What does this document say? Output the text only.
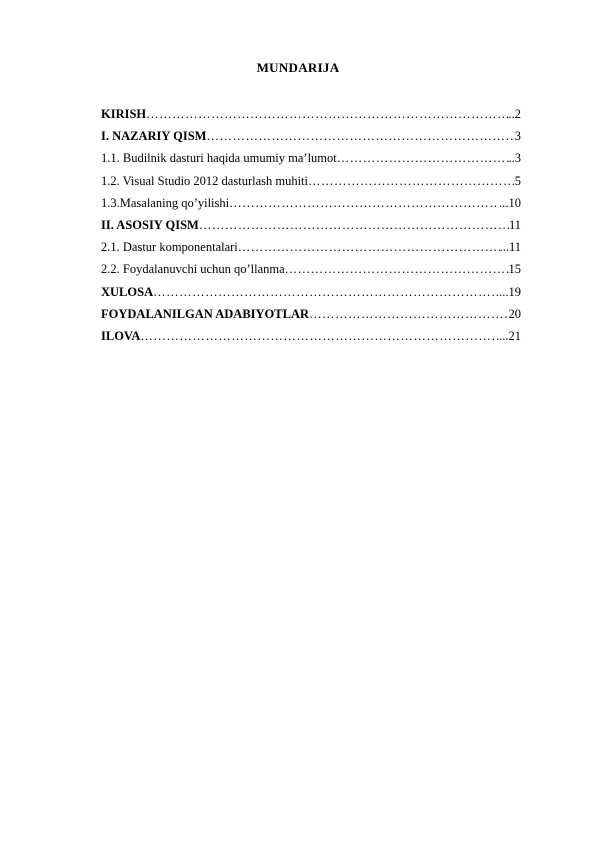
MUNDARIJA
KIRISH ………………………………………………………………………………………………………………………………………………………………………	..2
I. NAZARIY QISM ………………………………………………………………………………………………………………………………………………………………………	3
1.1. Budilnik dasturi haqida umumiy ma’lumot ………………………………………………………………………………………………………………………………………………………………………	..3
1.2. Visual Studio 2012 dasturlash muhiti ………………………………………………………………………………………………………………………………………………………………………	5
1.3.Masalaning qo’yilishi ………………………………………………………………………………………………………………………………………………………………………	...10
II. ASOSIY QISM ………………………………………………………………………………………………………………………………………………………………………	11
2.1. Dastur komponentalari ………………………………………………………………………………………………………………………………………………………………………	...11
2.2. Foydalanuvchi uchun qo’llanma ………………………………………………………………………………………………………………………………………………………………………	15
XULOSA ………………………………………………………………………………………………………………………………………………………………………	...19
FOYDALANILGAN ADABIYOTLAR ………………………………………………………………………………………………………………………………………………………………………	20
ILOVA ………………………………………………………………………………………………………………………………………………………………………	...21
